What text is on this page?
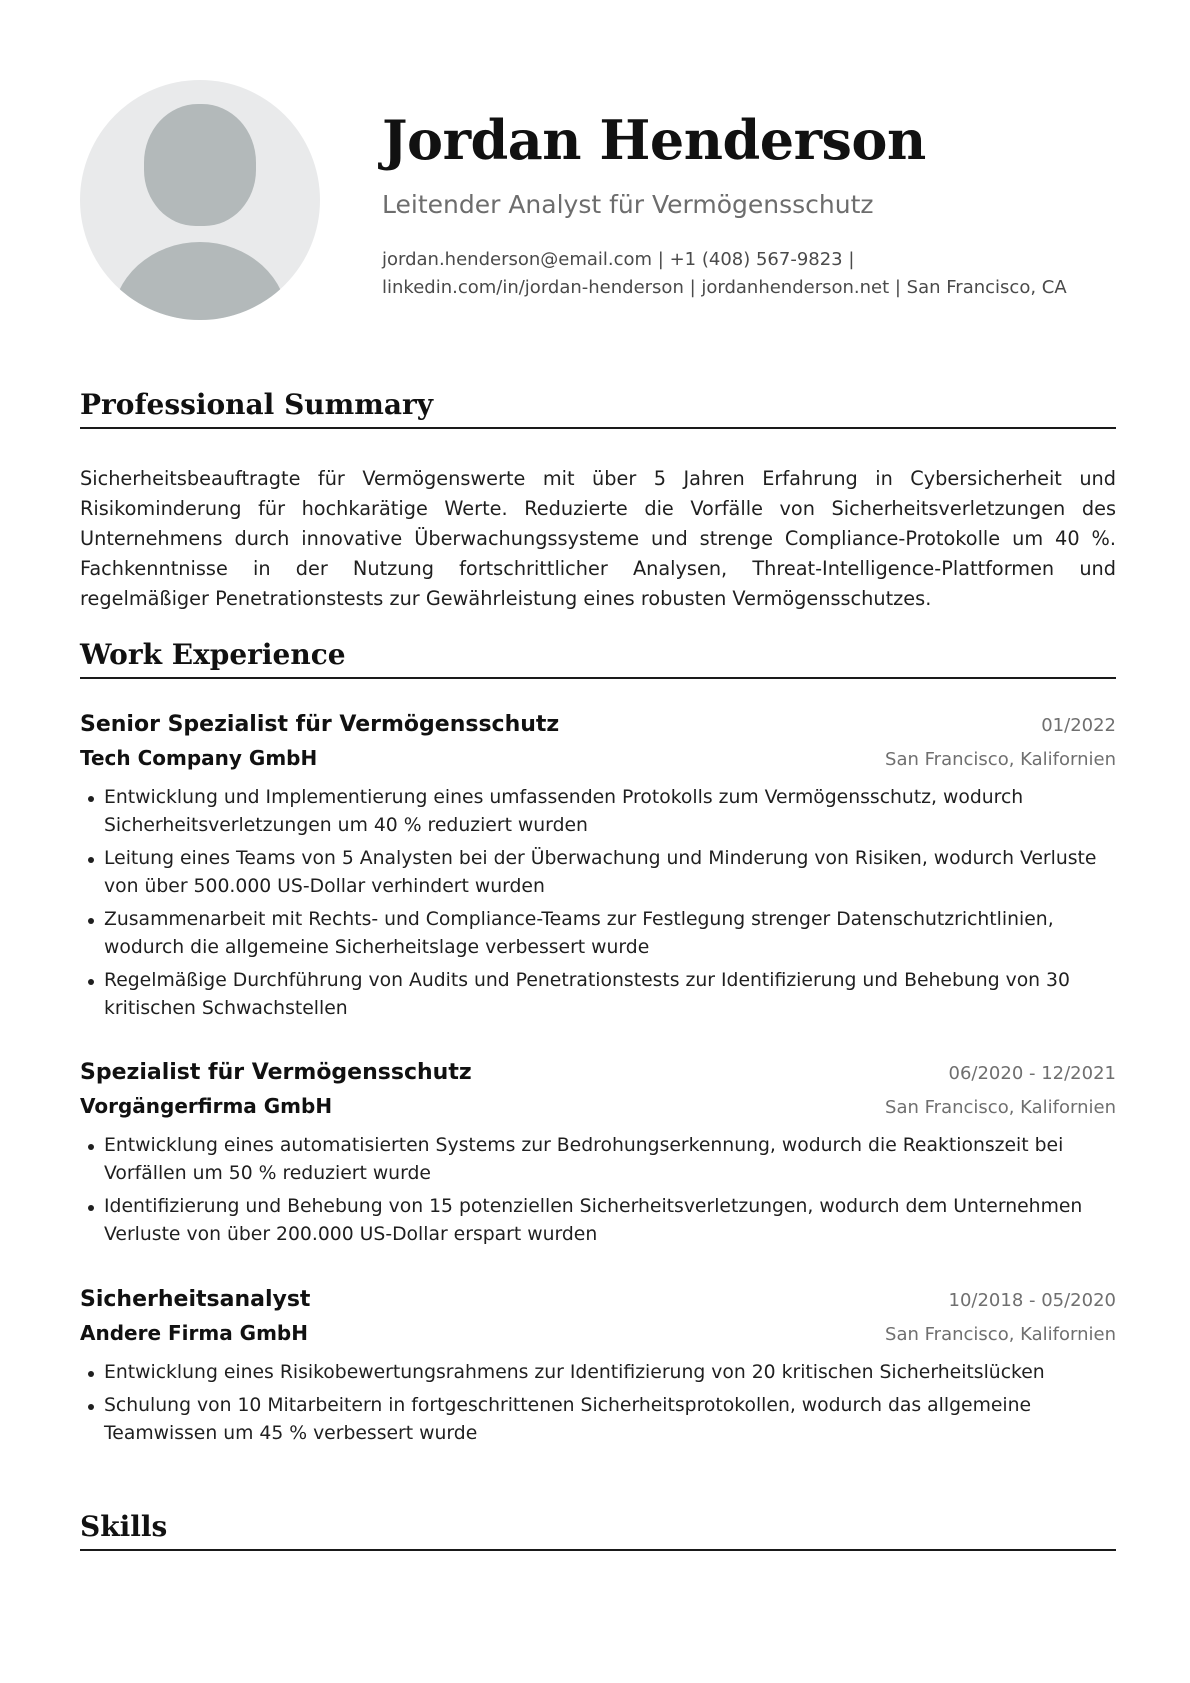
Jordan Henderson
Leitender Analyst für Vermögensschutz
jordan.henderson@email.com | +1 (408) 567-9823 |
linkedin.com/in/jordan-henderson | jordanhenderson.net | San Francisco, CA
Professional Summary
Sicherheitsbeauftragte für Vermögenswerte mit über 5 Jahren Erfahrung in Cybersicherheit und Risikominderung für hochkarätige Werte. Reduzierte die Vorfälle von Sicherheitsverletzungen des Unternehmens durch innovative Überwachungssysteme und strenge Compliance-Protokolle um 40 %. Fachkenntnisse in der Nutzung fortschrittlicher Analysen, Threat-Intelligence-Plattformen und regelmäßiger Penetrationstests zur Gewährleistung eines robusten Vermögensschutzes.
Work Experience
Senior Spezialist für Vermögensschutz	01/2022
Tech Company GmbH	San Francisco, Kalifornien
Entwicklung und Implementierung eines umfassenden Protokolls zum Vermögensschutz, wodurch Sicherheitsverletzungen um 40 % reduziert wurden
Leitung eines Teams von 5 Analysten bei der Überwachung und Minderung von Risiken, wodurch Verluste von über 500.000 US-Dollar verhindert wurden
Zusammenarbeit mit Rechts- und Compliance-Teams zur Festlegung strenger Datenschutzrichtlinien, wodurch die allgemeine Sicherheitslage verbessert wurde
Regelmäßige Durchführung von Audits und Penetrationstests zur Identifizierung und Behebung von 30 kritischen Schwachstellen
Spezialist für Vermögensschutz	06/2020 - 12/2021
Vorgängerfirma GmbH	San Francisco, Kalifornien
Entwicklung eines automatisierten Systems zur Bedrohungserkennung, wodurch die Reaktionszeit bei Vorfällen um 50 % reduziert wurde
Identifizierung und Behebung von 15 potenziellen Sicherheitsverletzungen, wodurch dem Unternehmen Verluste von über 200.000 US-Dollar erspart wurden
Sicherheitsanalyst	10/2018 - 05/2020
Andere Firma GmbH	San Francisco, Kalifornien
Entwicklung eines Risikobewertungsrahmens zur Identifizierung von 20 kritischen Sicherheitslücken
Schulung von 10 Mitarbeitern in fortgeschrittenen Sicherheitsprotokollen, wodurch das allgemeine Teamwissen um 45 % verbessert wurde
Skills
